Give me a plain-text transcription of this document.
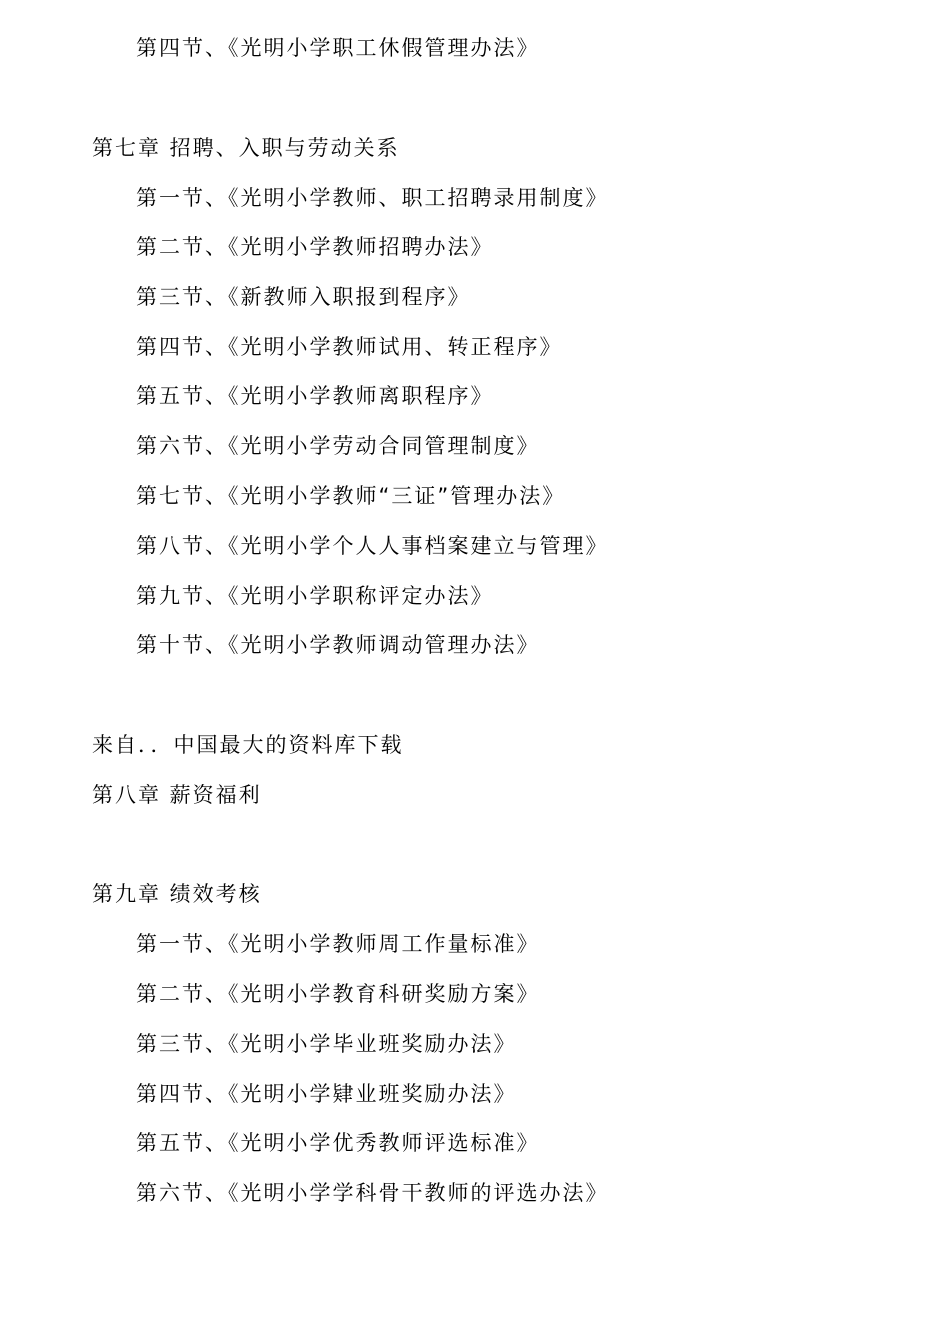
第四节、《光明小学职工休假管理办法》
第七章 招聘、入职与劳动关系
第一节、《光明小学教师、职工招聘录用制度》
第二节、《光明小学教师招聘办法》
第三节、《新教师入职报到程序》
第四节、《光明小学教师试用、转正程序》
第五节、《光明小学教师离职程序》
第六节、《光明小学劳动合同管理制度》
第七节、《光明小学教师“三证”管理办法》
第八节、《光明小学个人人事档案建立与管理》
第九节、《光明小学职称评定办法》
第十节、《光明小学教师调动管理办法》
来自．．中国最大的资料库下载
第八章 薪资福利
第九章 绩效考核
第一节、《光明小学教师周工作量标准》
第二节、《光明小学教育科研奖励方案》
第三节、《光明小学毕业班奖励办法》
第四节、《光明小学肄业班奖励办法》
第五节、《光明小学优秀教师评选标准》
第六节、《光明小学学科骨干教师的评选办法》
